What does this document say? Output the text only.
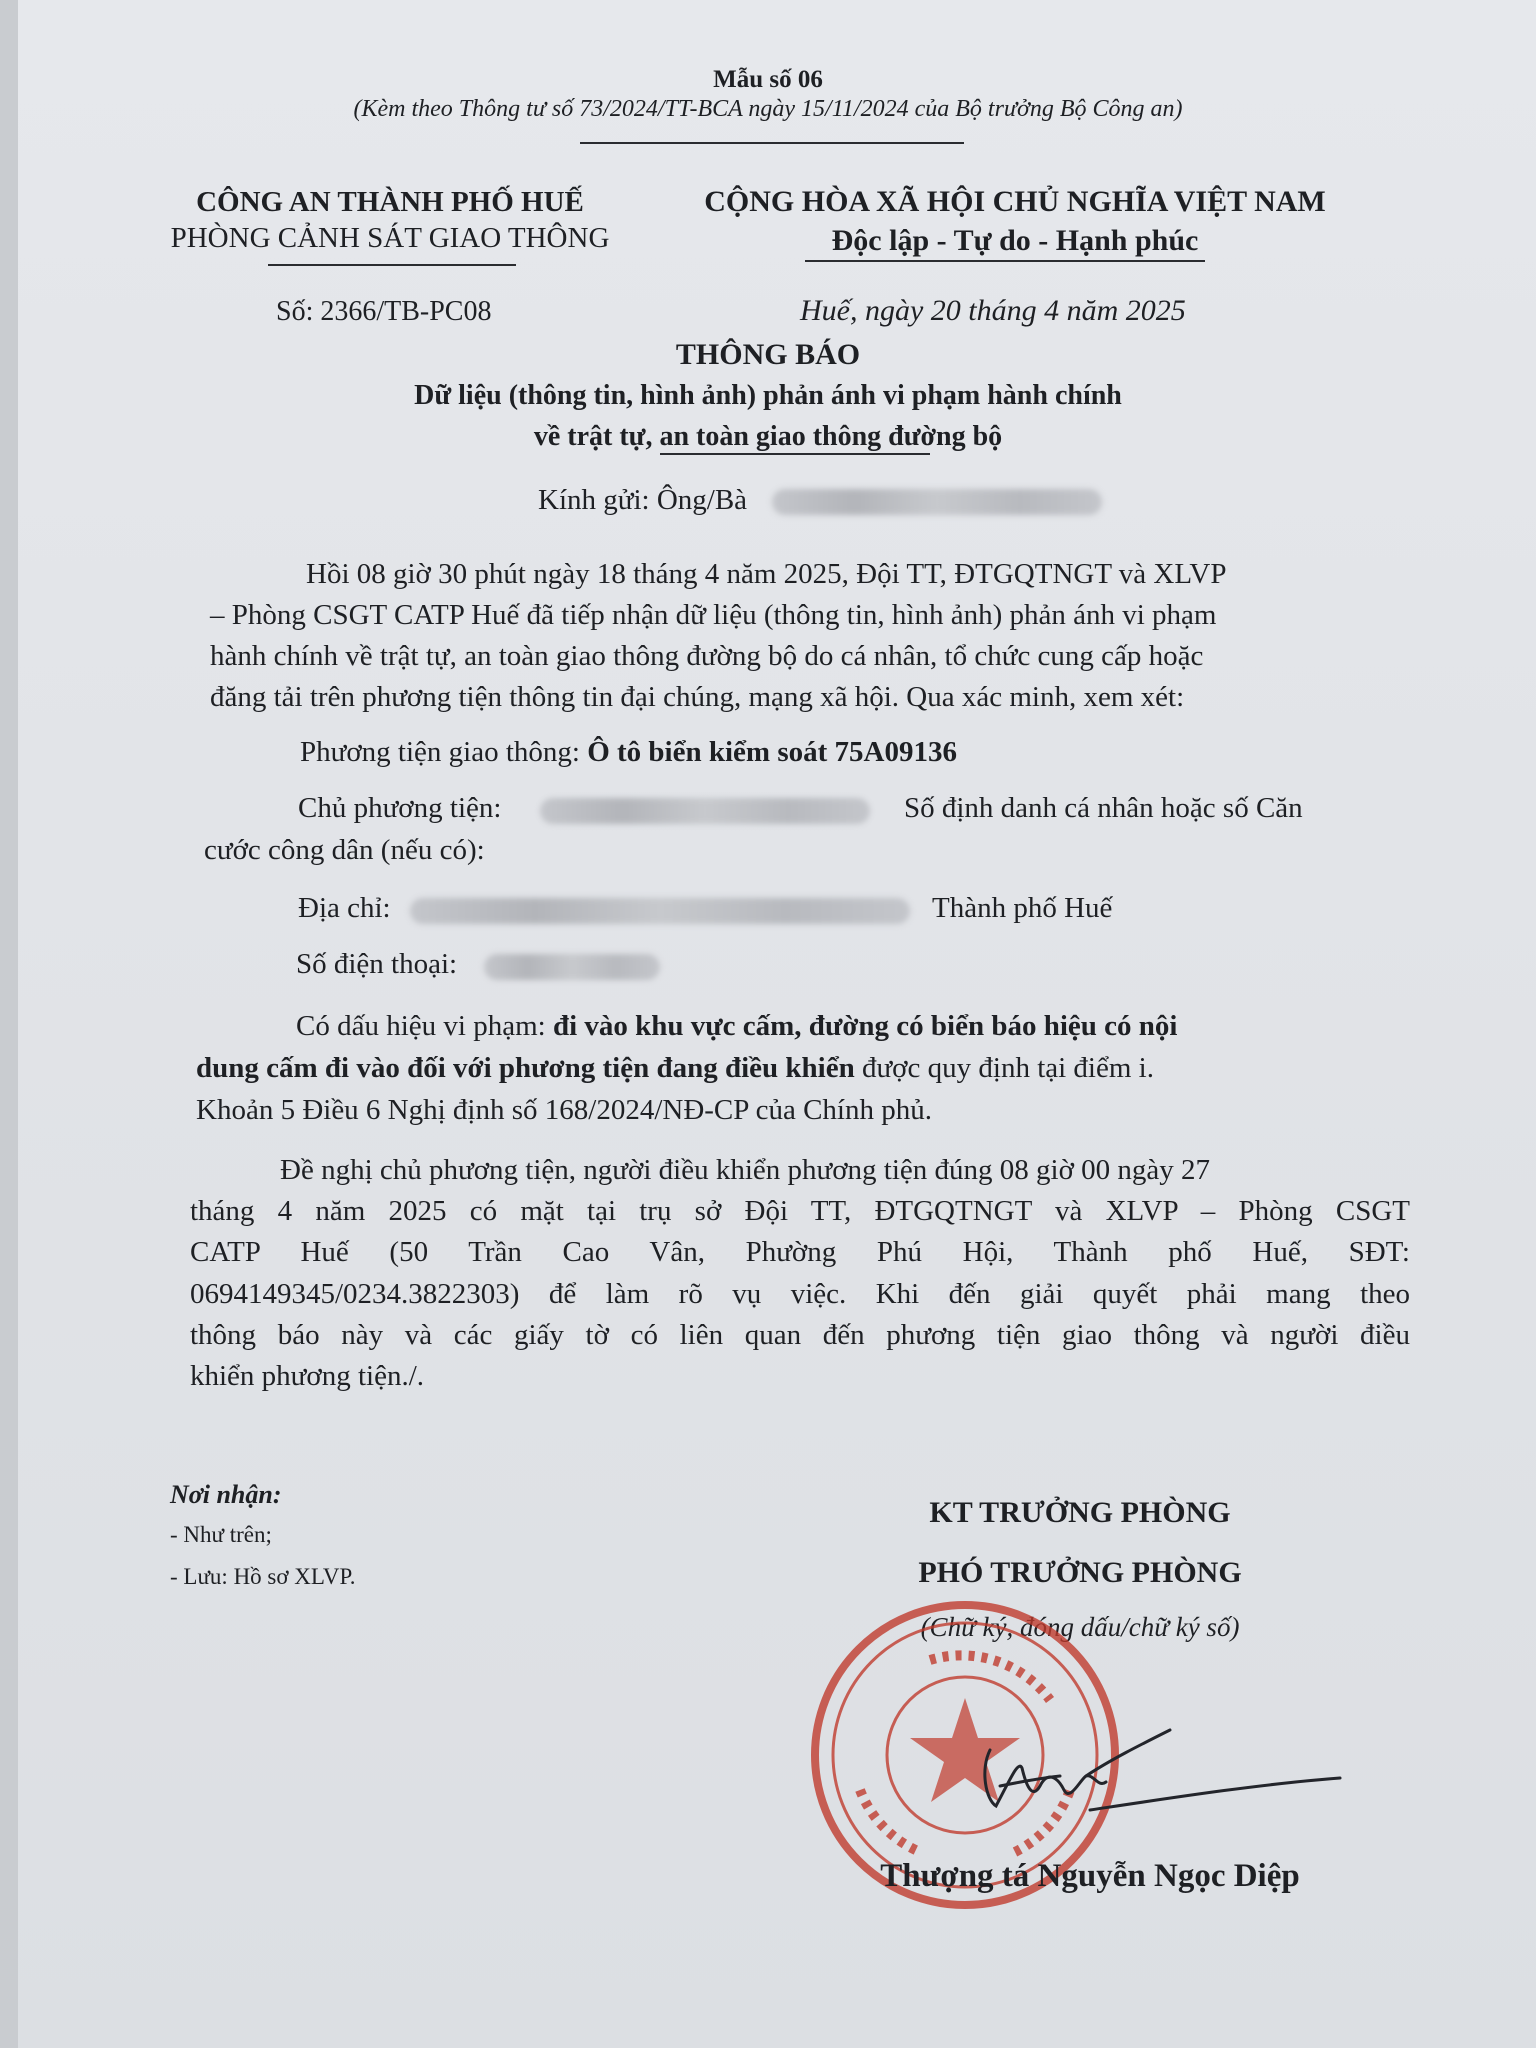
Mẫu số 06
(Kèm theo Thông tư số 73/2024/TT-BCA ngày 15/11/2024 của Bộ trưởng Bộ Công an)
CÔNG AN THÀNH PHỐ HUẾ
PHÒNG CẢNH SÁT GIAO THÔNG
CỘNG HÒA XÃ HỘI CHỦ NGHĨA VIỆT NAM
Độc lập - Tự do - Hạnh phúc
Số: 2366/TB-PC08	Huế, ngày 20 tháng 4 năm 2025
THÔNG BÁO
Dữ liệu (thông tin, hình ảnh) phản ánh vi phạm hành chính
về trật tự, an toàn giao thông đường bộ
Kính gửi: Ông/Bà
Hồi 08 giờ 30 phút ngày 18 tháng 4 năm 2025, Đội TT, ĐTGQTNGT và XLVP
– Phòng CSGT CATP Huế đã tiếp nhận dữ liệu (thông tin, hình ảnh) phản ánh vi phạm
hành chính về trật tự, an toàn giao thông đường bộ do cá nhân, tổ chức cung cấp hoặc
đăng tải trên phương tiện thông tin đại chúng, mạng xã hội. Qua xác minh, xem xét:
Phương tiện giao thông: Ô tô biển kiểm soát 75A09136
Chủ phương tiện:	Số định danh cá nhân hoặc số Căn
cước công dân (nếu có):
Địa chỉ:	Thành phố Huế
Số điện thoại:
Có dấu hiệu vi phạm: đi vào khu vực cấm, đường có biển báo hiệu có nội
dung cấm đi vào đối với phương tiện đang điều khiển được quy định tại điểm i.
Khoản 5 Điều 6 Nghị định số 168/2024/NĐ-CP của Chính phủ.
Đề nghị chủ phương tiện, người điều khiển phương tiện đúng 08 giờ 00 ngày 27
tháng 4 năm 2025 có mặt tại trụ sở Đội TT, ĐTGQTNGT và XLVP – Phòng CSGT
CATP Huế (50 Trần Cao Vân, Phường Phú Hội, Thành phố Huế, SĐT:
0694149345/0234.3822303) để làm rõ vụ việc. Khi đến giải quyết phải mang theo
thông báo này và các giấy tờ có liên quan đến phương tiện giao thông và người điều
khiển phương tiện./.
Nơi nhận:
- Như trên;
- Lưu: Hồ sơ XLVP.
KT TRƯỞNG PHÒNG
PHÓ TRƯỞNG PHÒNG
(Chữ ký, đóng dấu/chữ ký số)
Thượng tá Nguyễn Ngọc Diệp
